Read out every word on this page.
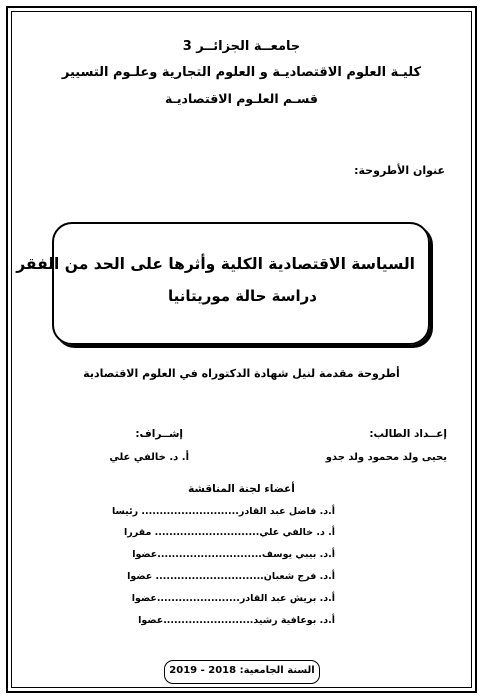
جامعــة الجزائــر 3
كليـة العلوم الاقتصاديـة و العلوم التجارية وعلـوم التسيير
قسـم العلـوم الاقتصاديـة
عنوان الأطروحة:
السياسة الاقتصادية الكلية وأثرها على الحد من الفقر
دراسة حالة موريتانيا
أطروحة مقدمة لنيل شهادة الدكتوراه في العلوم الاقتصادية
إعــداد الطالب:
إشــراف:
يحيى ولد محمود ولد جدو
أ. د. خالفي علي
أعضاء لجنة المناقشة
أ.د. فاضل عبد القادر........................... رئيسا
أ. د. خالفي علي............................. مقررا
أ.د. بيبي يوسف.............................عضوا
أ.د. فرج شعبان.............................. عضوا
أ.د. بريش عبد القادر.......................عضوا
أ.د. بوعافية رشيد.........................عضوا
السنة الجامعية: 2018 - 2019
